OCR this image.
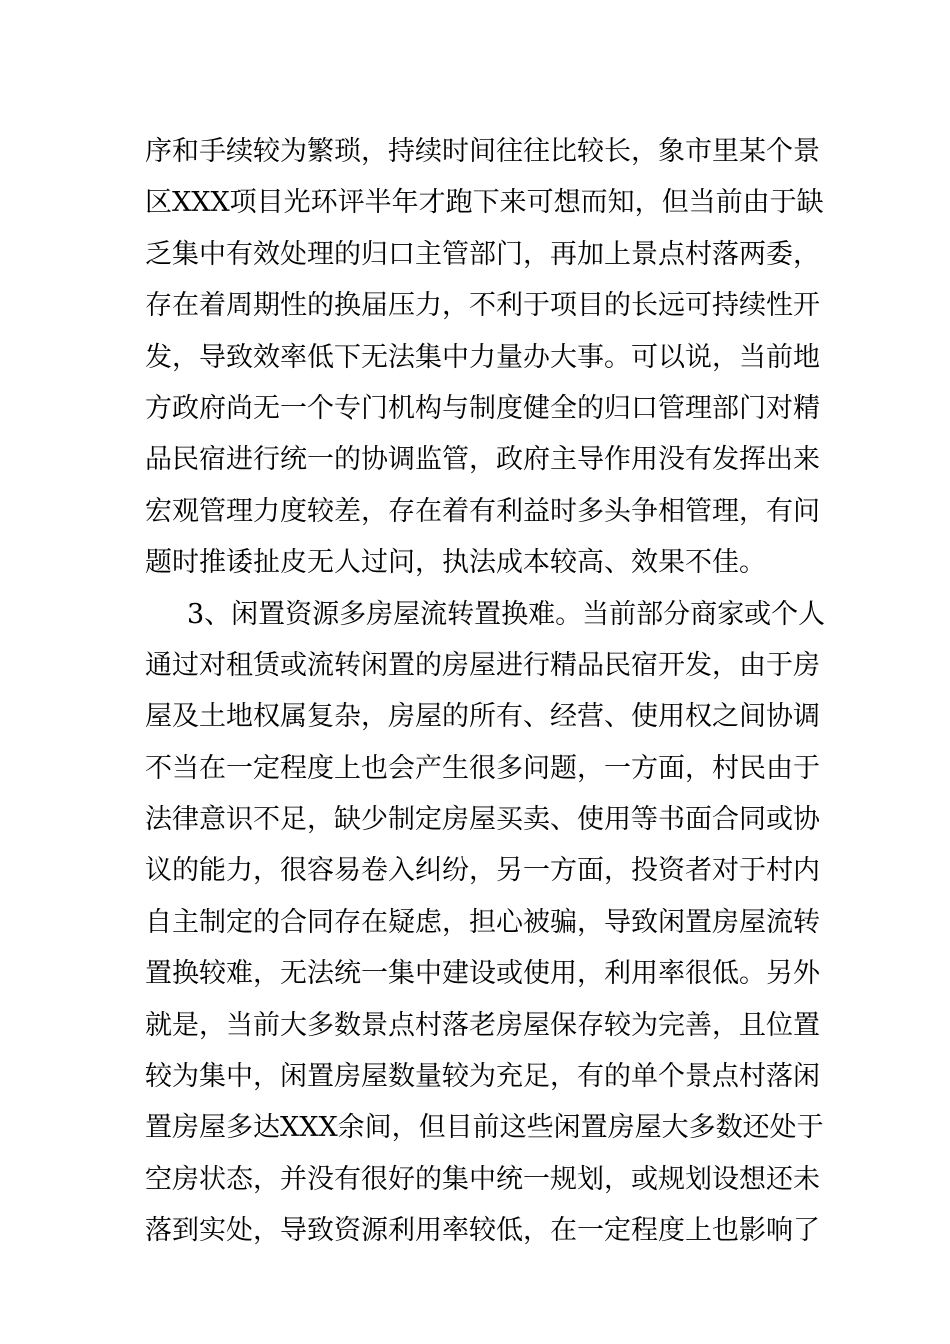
序和手续较为繁琐，持续时间往往比较长，象市里某个景
区XXX项目光环评半年才跑下来可想而知，但当前由于缺
乏集中有效处理的归口主管部门，再加上景点村落两委，
存在着周期性的换届压力，不利于项目的长远可持续性开
发，导致效率低下无法集中力量办大事。可以说，当前地
方政府尚无一个专门机构与制度健全的归口管理部门对精
品民宿进行统一的协调监管，政府主导作用没有发挥出来
宏观管理力度较差，存在着有利益时多头争相管理，有问
题时推诿扯皮无人过问，执法成本较高、效果不佳。
3、闲置资源多房屋流转置换难。当前部分商家或个人
通过对租赁或流转闲置的房屋进行精品民宿开发，由于房
屋及土地权属复杂，房屋的所有、经营、使用权之间协调
不当在一定程度上也会产生很多问题，一方面，村民由于
法律意识不足，缺少制定房屋买卖、使用等书面合同或协
议的能力，很容易卷入纠纷，另一方面，投资者对于村内
自主制定的合同存在疑虑，担心被骗，导致闲置房屋流转
置换较难，无法统一集中建设或使用，利用率很低。另外
就是，当前大多数景点村落老房屋保存较为完善，且位置
较为集中，闲置房屋数量较为充足，有的单个景点村落闲
置房屋多达XXX余间，但目前这些闲置房屋大多数还处于
空房状态，并没有很好的集中统一规划，或规划设想还未
落到实处，导致资源利用率较低，在一定程度上也影响了
